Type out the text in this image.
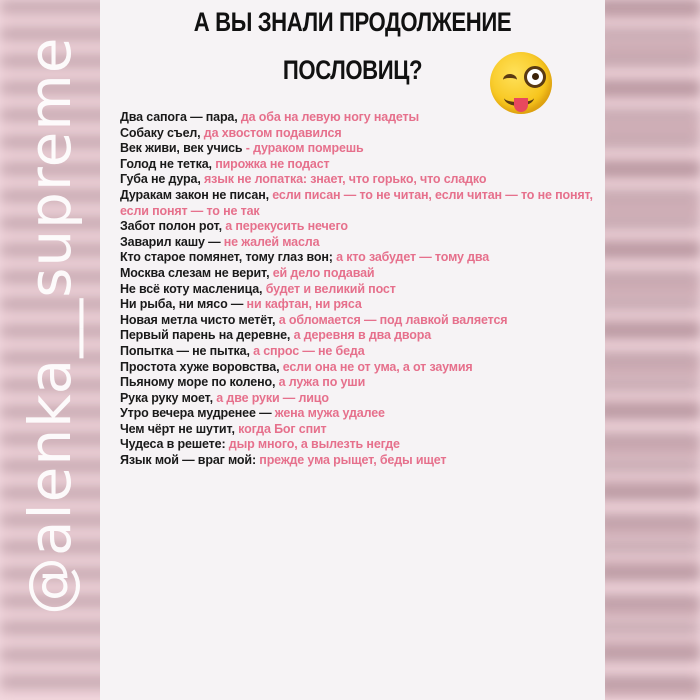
@alenka__supreme
А ВЫ ЗНАЛИ ПРОДОЛЖЕНИЕ
ПОСЛОВИЦ?
Два сапога — пара, да оба на левую ногу надеты
Собаку съел, да хвостом подавился
Век живи, век учись - дураком помрешь
Голод не тетка, пирожка не подаст
Губа не дура, язык не лопатка: знает, что горько, что сладко
Дуракам закон не писан, если писан — то не читан, если читан — то не понят, если понят — то не так
Забот полон рот, а перекусить нечего
Заварил кашу — не жалей масла
Кто старое помянет, тому глаз вон; а кто забудет — тому два
Москва слезам не верит, ей дело подавай
Не всё коту масленица, будет и великий пост
Ни рыба, ни мясо — ни кафтан, ни ряса
Новая метла чисто метёт, а обломается — под лавкой валяется
Первый парень на деревне, а деревня в два двора
Попытка — не пытка, а спрос — не беда
Простота хуже воровства, если она не от ума, а от заумия
Пьяному море по колено, а лужа по уши
Рука руку моет, а две руки — лицо
Утро вечера мудренее — жена мужа удалее
Чем чёрт не шутит, когда Бог спит
Чудеса в решете: дыр много, а вылезть негде
Язык мой — враг мой: прежде ума рыщет, беды ищет
